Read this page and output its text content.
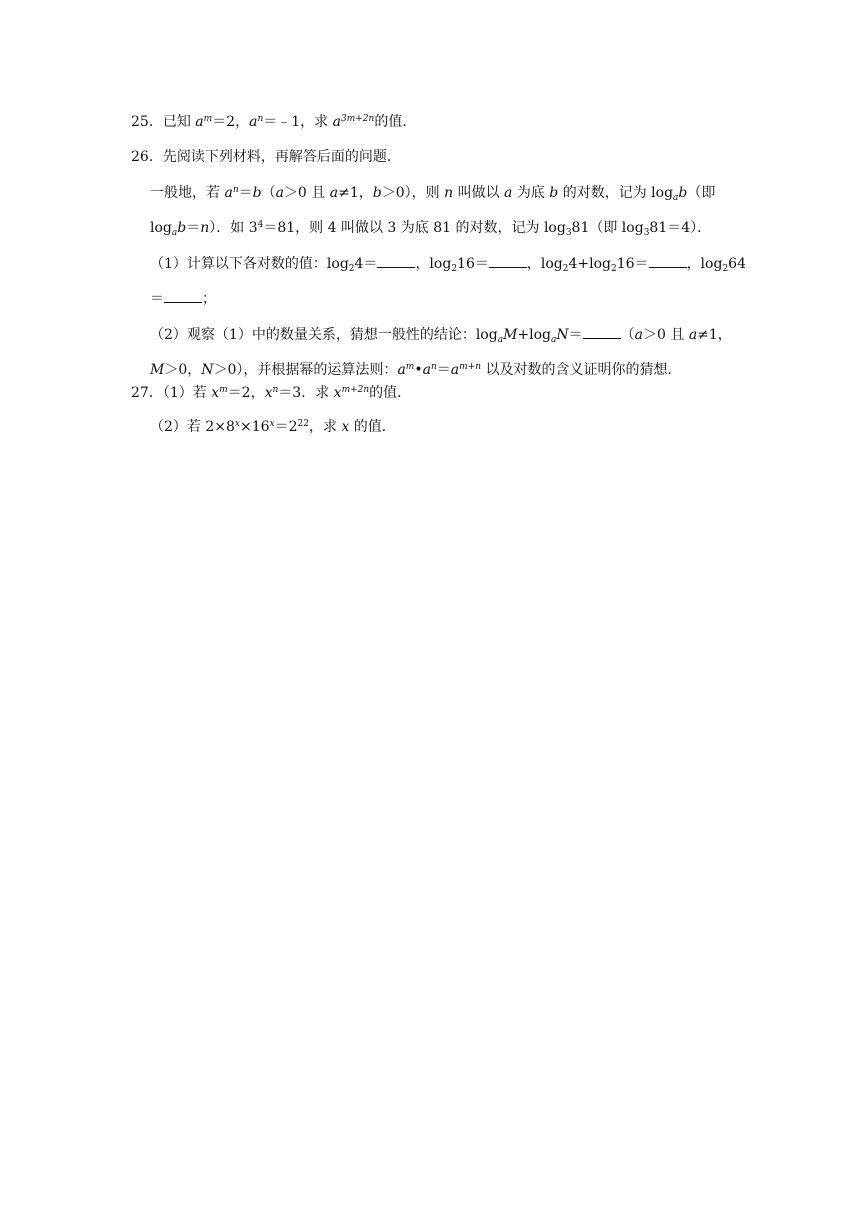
25．已知 $a^m=2$，$a^n=﹣1$，求 $a^{3m+2n}$的值．
26．先阅读下列材料，再解答后面的问题．
一般地，若 $a^n=b(a>0$ 且 a≠1，b＞0），则 n 叫做以 a 为底 b 的对数，记为 $\log_ab$（即
$\log_ab=n$）．如 $3^4=81$，则 4 叫做以 3 为底 81 的对数，记为 $\log_381$（即 $\log_381=4$）．
（1）计算以下各对数的值：$\log_24=$	，$\log_216=$	，$\log_24+\log_216=$	，$\log_264$
＝	；
（2）观察（1）中的数量关系，猜想一般性的结论：$\log_aM+\log_aN=$	（a＞0 且 a≠1，
M＞0，N＞0），并根据幂的运算法则：$a^m•a^n=a^{m+n}$ 以及对数的含义证明你的猜想．
27．（1）若 $x^m=2$，$x^n=3$．求 $x^{m+2n}$的值．
（2）若 $2\times 8^x\times 16^x=2^{22}$，求 x 的值．
